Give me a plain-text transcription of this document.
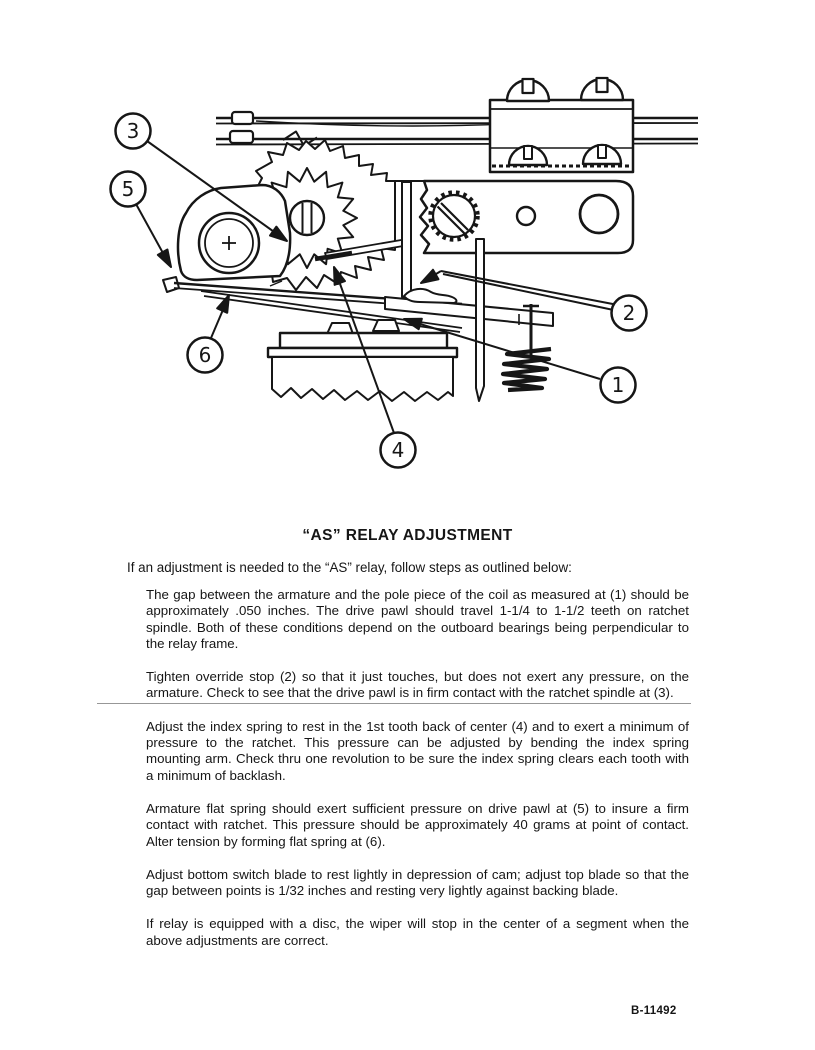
3
5
6
2
1
4
“AS” RELAY ADJUSTMENT

If an adjustment is needed to the “AS” relay, follow steps as outlined below:

The gap between the armature and the pole piece of the coil as measured at (1) should be approximately .050 inches. The drive pawl should travel 1-1/4 to 1-1/2 teeth on ratchet spindle. Both of these conditions depend on the outboard bearings being perpendicular to the relay frame.

Tighten override stop (2) so that it just touches, but does not exert any pressure, on the armature. Check to see that the drive pawl is in firm contact with the ratchet spindle at (3).

Adjust the index spring to rest in the 1st tooth back of center (4) and to exert a minimum of pressure to the ratchet. This pressure can be adjusted by bending the index spring mounting arm. Check thru one revolution to be sure the index spring clears each tooth with a minimum of backlash.

Armature flat spring should exert sufficient pressure on drive pawl at (5) to insure a firm contact with ratchet. This pressure should be approximately 40 grams at point of contact. Alter tension by forming flat spring at (6).

Adjust bottom switch blade to rest lightly in depression of cam; adjust top blade so that the gap between points is 1/32 inches and resting very lightly against backing blade.

If relay is equipped with a disc, the wiper will stop in the center of a segment when the above adjustments are correct.

B-11492
